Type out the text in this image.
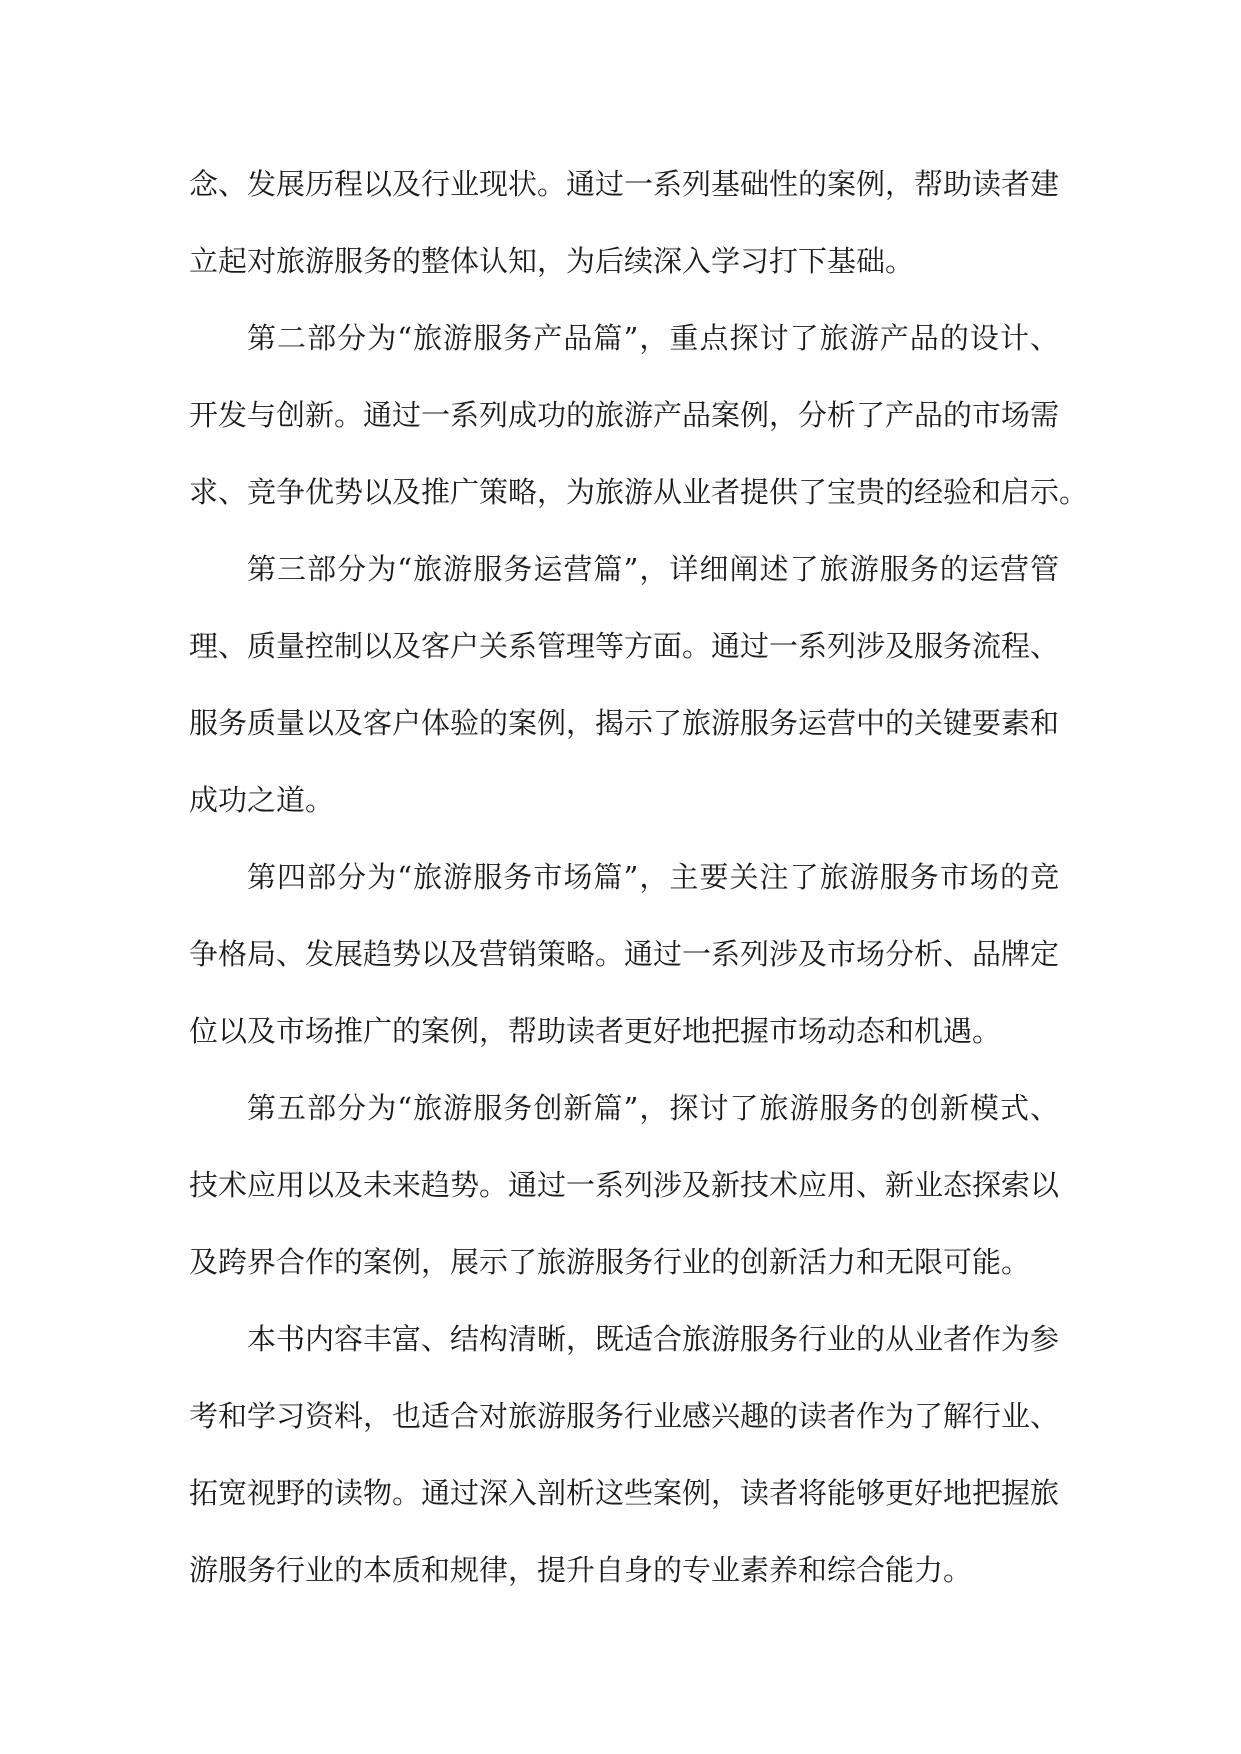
念、发展历程以及行业现状。通过一系列基础性的案例，帮助读者建
立起对旅游服务的整体认知，为后续深入学习打下基础。
第二部分为“旅游服务产品篇”，重点探讨了旅游产品的设计、
开发与创新。通过一系列成功的旅游产品案例，分析了产品的市场需
求、竞争优势以及推广策略，为旅游从业者提供了宝贵的经验和启示。
第三部分为“旅游服务运营篇”，详细阐述了旅游服务的运营管
理、质量控制以及客户关系管理等方面。通过一系列涉及服务流程、
服务质量以及客户体验的案例，揭示了旅游服务运营中的关键要素和
成功之道。
第四部分为“旅游服务市场篇”，主要关注了旅游服务市场的竞
争格局、发展趋势以及营销策略。通过一系列涉及市场分析、品牌定
位以及市场推广的案例，帮助读者更好地把握市场动态和机遇。
第五部分为“旅游服务创新篇”，探讨了旅游服务的创新模式、
技术应用以及未来趋势。通过一系列涉及新技术应用、新业态探索以
及跨界合作的案例，展示了旅游服务行业的创新活力和无限可能。
本书内容丰富、结构清晰，既适合旅游服务行业的从业者作为参
考和学习资料，也适合对旅游服务行业感兴趣的读者作为了解行业、
拓宽视野的读物。通过深入剖析这些案例，读者将能够更好地把握旅
游服务行业的本质和规律，提升自身的专业素养和综合能力。
